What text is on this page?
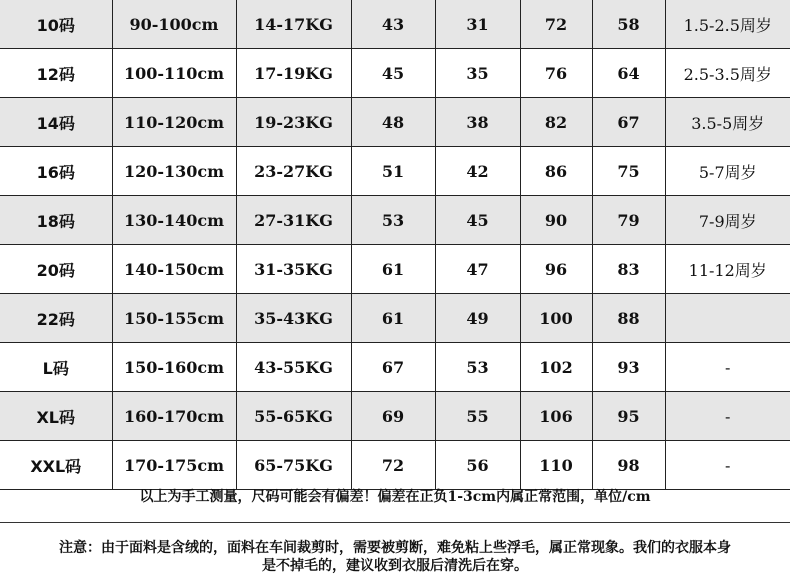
10码	90-100cm	14-17KG	43	31	72	58	1.5-2.5周岁
12码	100-110cm	17-19KG	45	35	76	64	2.5-3.5周岁
14码	110-120cm	19-23KG	48	38	82	67	3.5-5周岁
16码	120-130cm	23-27KG	51	42	86	75	5-7周岁
18码	130-140cm	27-31KG	53	45	90	79	7-9周岁
20码	140-150cm	31-35KG	61	47	96	83	11-12周岁
22码	150-155cm	35-43KG	61	49	100	88	
L码	150-160cm	43-55KG	67	53	102	93	-
XL码	160-170cm	55-65KG	69	55	106	95	-
XXL码	170-175cm	65-75KG	72	56	110	98	-
以上为手工测量，尺码可能会有偏差！偏差在正负1-3cm内属正常范围，单位/cm
注意：由于面料是含绒的，面料在车间裁剪时，需要被剪断，难免粘上些浮毛，属正常现象。我们的衣服本身
是不掉毛的，建议收到衣服后清洗后在穿。
